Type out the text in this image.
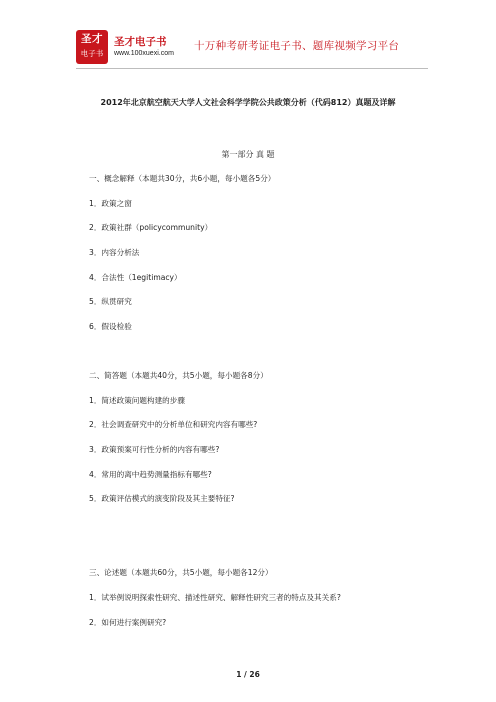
圣才
电子书
圣才电子书
www.100xuexi.com
十万种考研考证电子书、题库视频学习平台
2012年北京航空航天大学人文社会科学学院公共政策分析（代码812）真题及详解
第一部分 真 题
一、概念解释（本题共30分，共6小题，每小题各5分）
1．政策之窗
2．政策社群（policycommunity）
3．内容分析法
4．合法性（1egitimacy）
5．纵贯研究
6．假设检验
二、简答题（本题共40分，共5小题，每小题各8分）
1．简述政策问题构建的步骤
2．社会调查研究中的分析单位和研究内容有哪些?
3．政策预案可行性分析的内容有哪些?
4．常用的离中趋势测量指标有哪些?
5．政策评估模式的演变阶段及其主要特征?
三、论述题（本题共60分，共5小题，每小题各12分）
1．试举例说明探索性研究、描述性研究、解释性研究三者的特点及其关系?
2．如何进行案例研究?
1 / 26
